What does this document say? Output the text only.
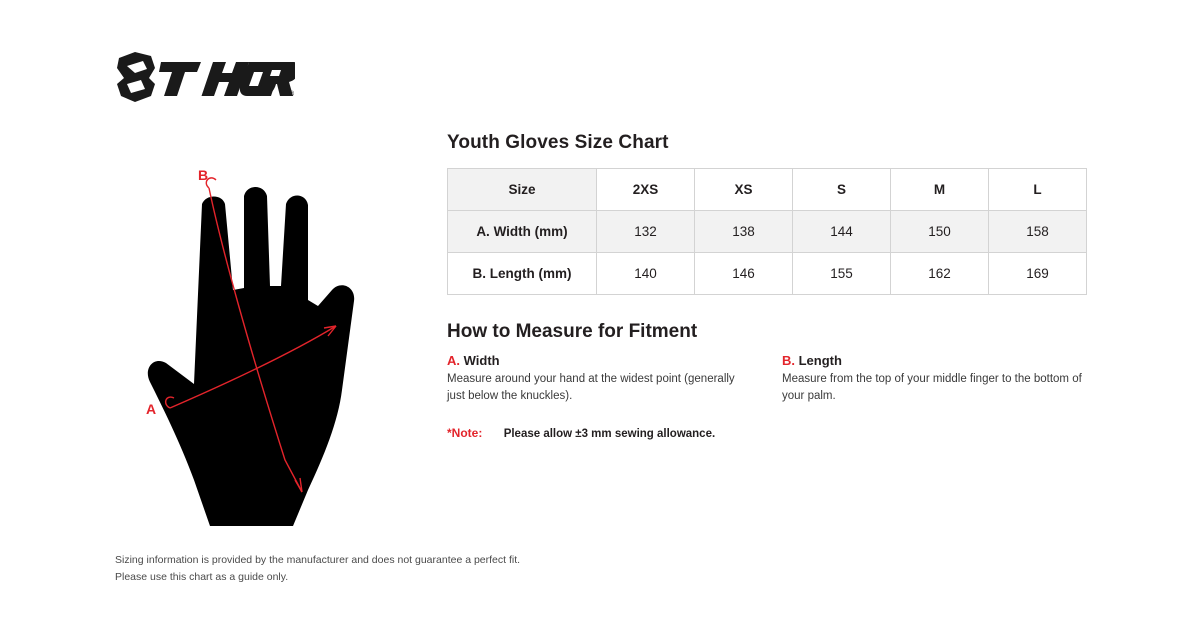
®
B
A
Youth Gloves Size Chart
Size	2XS	XS	S	M	L
A. Width (mm)	132	138	144	150	158
B. Length (mm)	140	146	155	162	169
How to Measure for Fitment
A. Width
Measure around your hand at the widest point (generally just below the knuckles).
B. Length
Measure from the top of your middle finger to the bottom of your palm.
*Note: Please allow ±3 mm sewing allowance.
Sizing information is provided by the manufacturer and does not guarantee a perfect fit.
Please use this chart as a guide only.
